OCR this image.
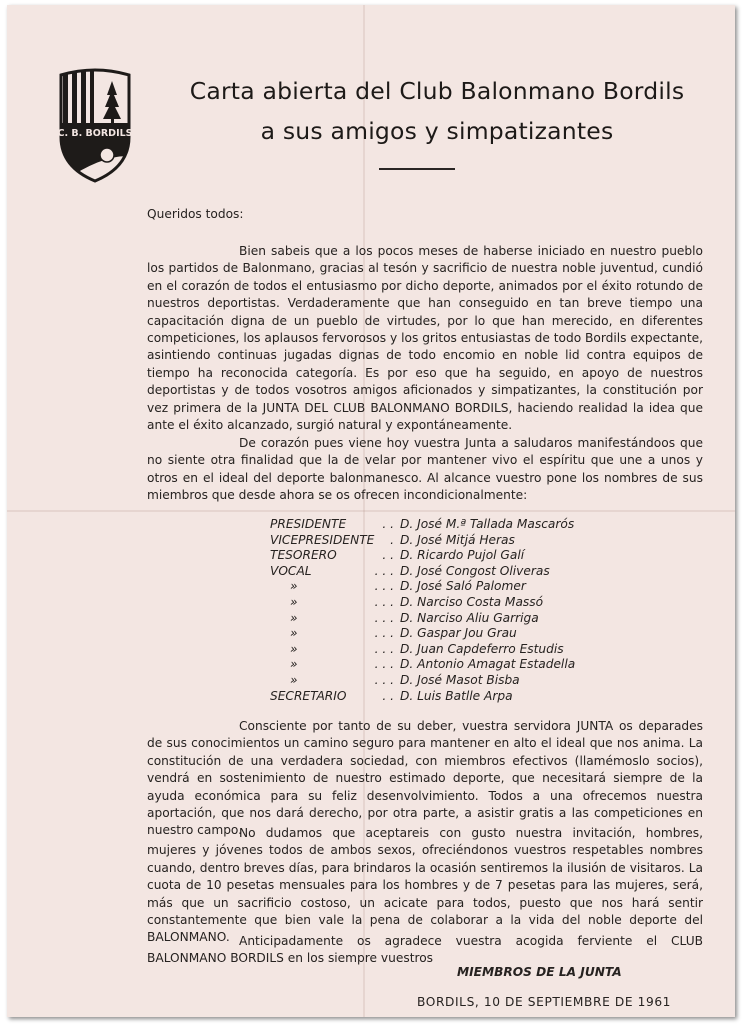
C. B. BORDILS
Carta abierta del Club Balonmano Bordils
a sus amigos y simpatizantes
Queridos todos:
Bien sabeis que a los pocos meses de haberse iniciado en nuestro pueblo los partidos de Balonmano, gracias al tesón y sacrificio de nuestra noble juventud, cundió en el corazón de todos el entusiasmo por dicho deporte, animados por el éxito rotundo de nuestros deportistas. Verdaderamente que han conseguido en tan breve tiempo una capacitación digna de un pueblo de virtudes, por lo que han merecido, en diferentes competiciones, los aplausos fervorosos y los gritos entusiastas de todo Bordils expectante, asintiendo continuas jugadas dignas de todo encomio en noble lid contra equipos de tiempo ha reconocida categoría. Es por eso que ha seguido, en apoyo de nuestros deportistas y de todos vosotros amigos aficionados y simpatizantes, la constitución por vez primera de la JUNTA DEL CLUB BALONMANO BORDILS, haciendo realidad la idea que ante el éxito alcanzado, surgió natural y expontáneamente.
De corazón pues viene hoy vuestra Junta a saludaros manifestándoos que no siente otra finalidad que la de velar por mantener vivo el espíritu que une a unos y otros en el ideal del deporte balonmanesco. Al alcance vuestro pone los nombres de sus miembros que desde ahora se os ofrecen incondicionalmente:
PRESIDENTE	. . D. José M.ª Tallada Mascarós
VICEPRESIDENTE	. D. José Mitjá Heras
TESORERO	. . D. Ricardo Pujol Galí
VOCAL	. . . D. José Congost Oliveras
»	. . . D. José Saló Palomer
»	. . . D. Narciso Costa Massó
»	. . . D. Narciso Aliu Garriga
»	. . . D. Gaspar Jou Grau
»	. . . D. Juan Capdeferro Estudis
»	. . . D. Antonio Amagat Estadella
»	. . . D. José Masot Bisba
SECRETARIO	. . D. Luis Batlle Arpa
Consciente por tanto de su deber, vuestra servidora JUNTA os deparades de sus conocimientos un camino seguro para mantener en alto el ideal que nos anima. La constitución de una verdadera sociedad, con miembros efectivos (llamémoslo socios), vendrá en sostenimiento de nuestro estimado deporte, que necesitará siempre de la ayuda económica para su feliz desenvolvimiento. Todos a una ofrecemos nuestra aportación, que nos dará derecho, por otra parte, a asistir gratis a las competiciones en nuestro campo.
No dudamos que aceptareis con gusto nuestra invitación, hombres, mujeres y jóvenes todos de ambos sexos, ofreciéndonos vuestros respetables nombres cuando, dentro breves días, para brindaros la ocasión sentiremos la ilusión de visitaros. La cuota de 10 pesetas mensuales para los hombres y de 7 pesetas para las mujeres, será, más que un sacrificio costoso, un acicate para todos, puesto que nos hará sentir constantemente que bien vale la pena de colaborar a la vida del noble deporte del BALONMANO. Anticipadamente os agradece vuestra acogida ferviente el CLUB BALONMANO BORDILS en los siempre vuestros
MIEMBROS DE LA JUNTA
BORDILS, 10 DE SEPTIEMBRE DE 1961
